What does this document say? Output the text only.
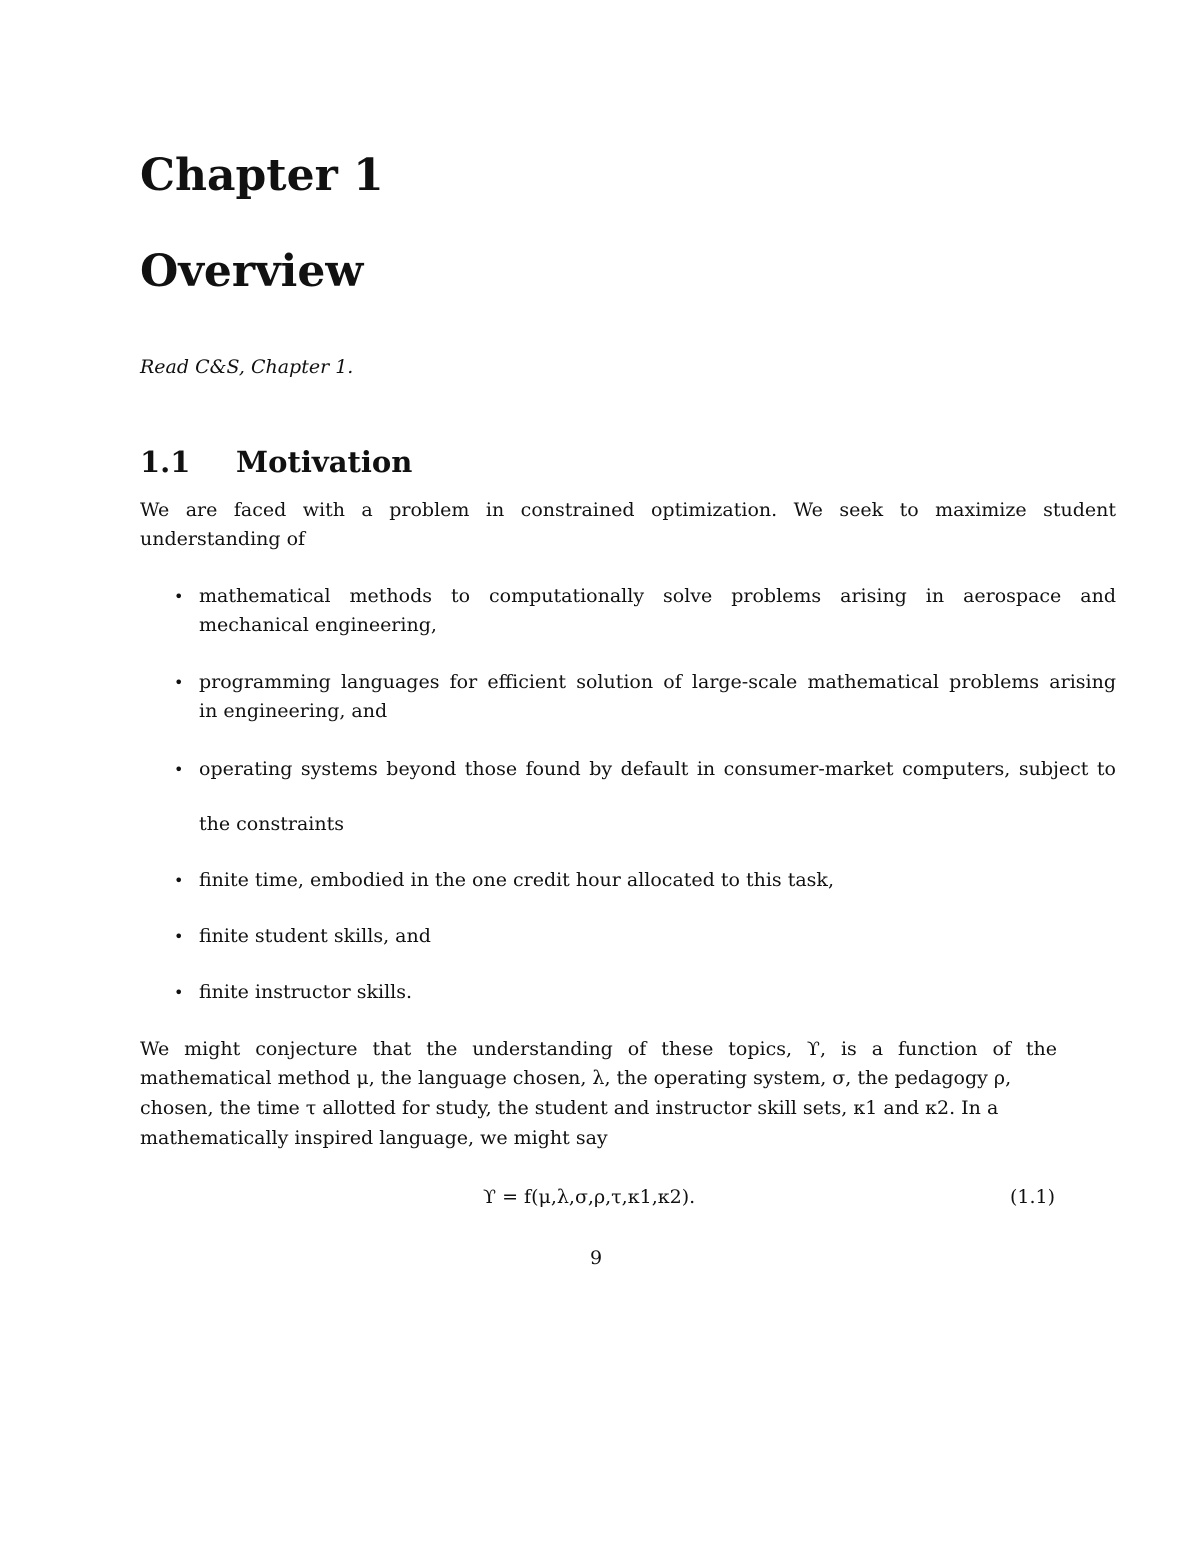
Chapter 1
Overview
Read C&S, Chapter 1.
1.1 Motivation
We are faced with a problem in constrained optimization. We seek to maximize student
understanding of
• mathematical methods to computationally solve problems arising in aerospace and
mechanical engineering,
• programming languages for efficient solution of large-scale mathematical problems arising
in engineering, and
• operating systems beyond those found by default in consumer-market computers, subject to
the constraints
• finite time, embodied in the one credit hour allocated to this task,
• finite student skills, and
• finite instructor skills.
We might conjecture that the understanding of these topics, ϒ, is a function of the
mathematical method μ, the language chosen, λ, the operating system, σ, the pedagogy ρ,
chosen, the time τ allotted for study, the student and instructor skill sets, κ1 and κ2. In a
mathematically inspired language, we might say
ϒ = f(μ,λ,σ,ρ,τ,κ1,κ2).	(1.1)
9
